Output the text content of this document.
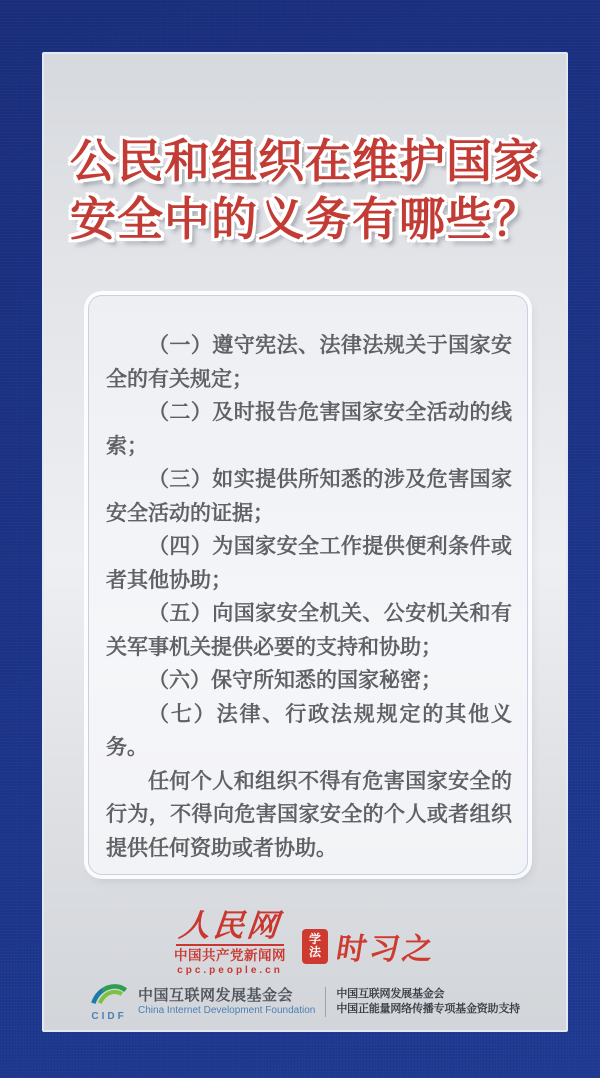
公民和组织在维护国家
安全中的义务有哪些？

（一）遵守宪法、法律法规关于国家安全的有关规定；

（二）及时报告危害国家安全活动的线索；

（三）如实提供所知悉的涉及危害国家安全活动的证据；

（四）为国家安全工作提供便利条件或者其他协助；

（五）向国家安全机关、公安机关和有关军事机关提供必要的支持和协助；

（六）保守所知悉的国家秘密；

（七）法律、行政法规规定的其他义务。

任何个人和组织不得有危害国家安全的行为，不得向危害国家安全的个人或者组织提供任何资助或者协助。

人民网
中国共产党新闻网
cpc.people.cn
学
法 时习之
CIDF
中国互联网发展基金会
China Internet Development Foundation
中国互联网发展基金会
中国正能量网络传播专项基金资助支持
